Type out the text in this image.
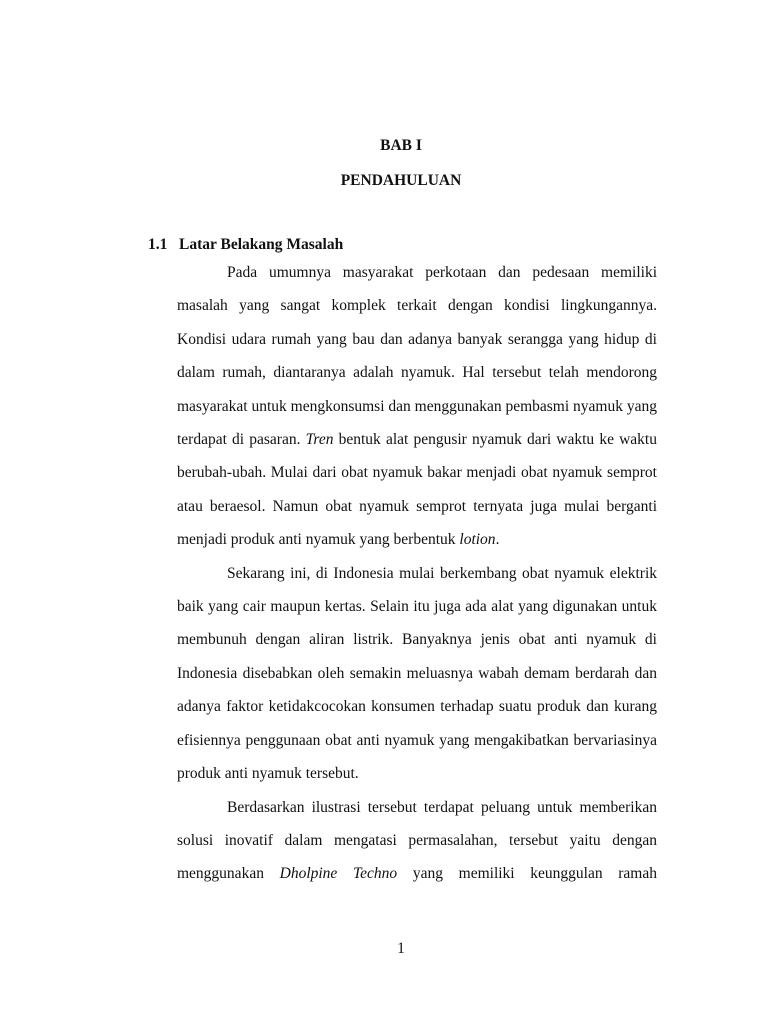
BAB I
PENDAHULUAN
1.1 Latar Belakang Masalah

Pada umumnya masyarakat perkotaan dan pedesaan memiliki masalah yang sangat komplek terkait dengan kondisi lingkungannya. Kondisi udara rumah yang bau dan adanya banyak serangga yang hidup di dalam rumah, diantaranya adalah nyamuk. Hal tersebut telah mendorong masyarakat untuk mengkonsumsi dan menggunakan pembasmi nyamuk yang terdapat di pasaran. Tren bentuk alat pengusir nyamuk dari waktu ke waktu berubah-ubah. Mulai dari obat nyamuk bakar menjadi obat nyamuk semprot atau beraesol. Namun obat nyamuk semprot ternyata juga mulai berganti menjadi produk anti nyamuk yang berbentuk lotion.

Sekarang ini, di Indonesia mulai berkembang obat nyamuk elektrik baik yang cair maupun kertas. Selain itu juga ada alat yang digunakan untuk membunuh dengan aliran listrik. Banyaknya jenis obat anti nyamuk di Indonesia disebabkan oleh semakin meluasnya wabah demam berdarah dan adanya faktor ketidakcocokan konsumen terhadap suatu produk dan kurang efisiennya penggunaan obat anti nyamuk yang mengakibatkan bervariasinya produk anti nyamuk tersebut.

Berdasarkan ilustrasi tersebut terdapat peluang untuk memberikan solusi inovatif dalam mengatasi permasalahan, tersebut yaitu dengan menggunakan Dholpine Techno yang memiliki keunggulan ramah

1
